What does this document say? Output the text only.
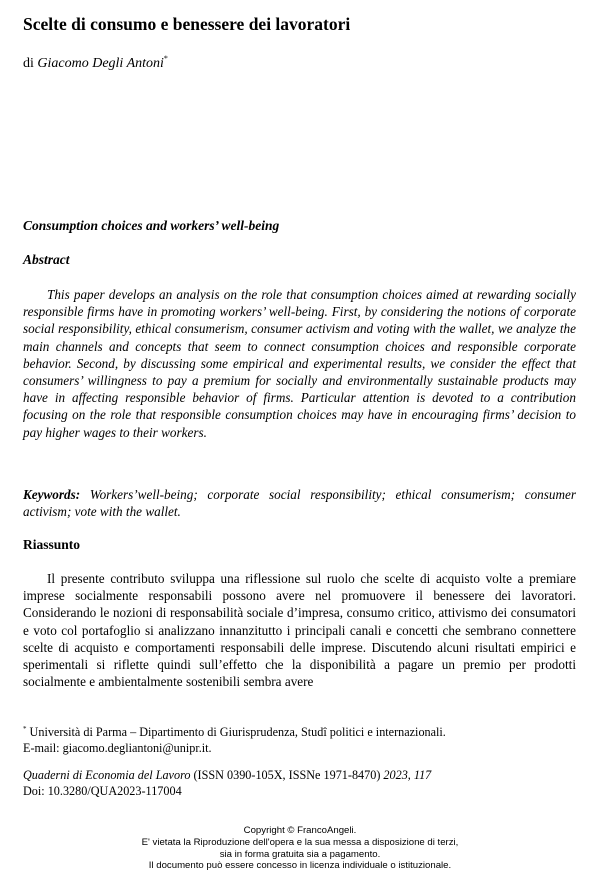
Scelte di consumo e benessere dei lavoratori
di Giacomo Degli Antoni*
Consumption choices and workers’ well-being
Abstract

This paper develops an analysis on the role that consumption choices aimed at rewarding socially responsible firms have in promoting workers’ well-being. First, by considering the notions of corporate social responsibility, ethical consumerism, consumer activism and voting with the wallet, we analyze the main channels and concepts that seem to connect consumption choices and responsible corporate behavior. Second, by discussing some empirical and experimental results, we consider the effect that consumers’ willingness to pay a premium for socially and environmentally sustainable products may have in affecting responsible behavior of firms. Particular attention is devoted to a contribution focusing on the role that responsible consumption choices may have in encouraging firms’ decision to pay higher wages to their workers.

Keywords: Workers’well-being; corporate social responsibility; ethical consumerism; consumer activism; vote with the wallet.

Riassunto

Il presente contributo sviluppa una riflessione sul ruolo che scelte di acquisto volte a premiare imprese socialmente responsabili possono avere nel promuovere il benessere dei lavoratori. Considerando le nozioni di responsabilità sociale d’impresa, consumo critico, attivismo dei consumatori e voto col portafoglio si analizzano innanzitutto i principali canali e concetti che sembrano connettere scelte di acquisto e comportamenti responsabili delle imprese. Discutendo alcuni risultati empirici e sperimentali si riflette quindi sull’effetto che la disponibilità a pagare un premio per prodotti socialmente e ambientalmente sostenibili sembra avere

* Università di Parma – Dipartimento di Giurisprudenza, Studî politici e internazionali.
E-mail: giacomo.degliantoni@unipr.it.
Quaderni di Economia del Lavoro (ISSN 0390-105X, ISSNe 1971-8470) 2023, 117
Doi: 10.3280/QUA2023-117004
Copyright © FrancoAngeli.
E' vietata la Riproduzione dell'opera e la sua messa a disposizione di terzi,
sia in forma gratuita sia a pagamento.
Il documento può essere concesso in licenza individuale o istituzionale.
